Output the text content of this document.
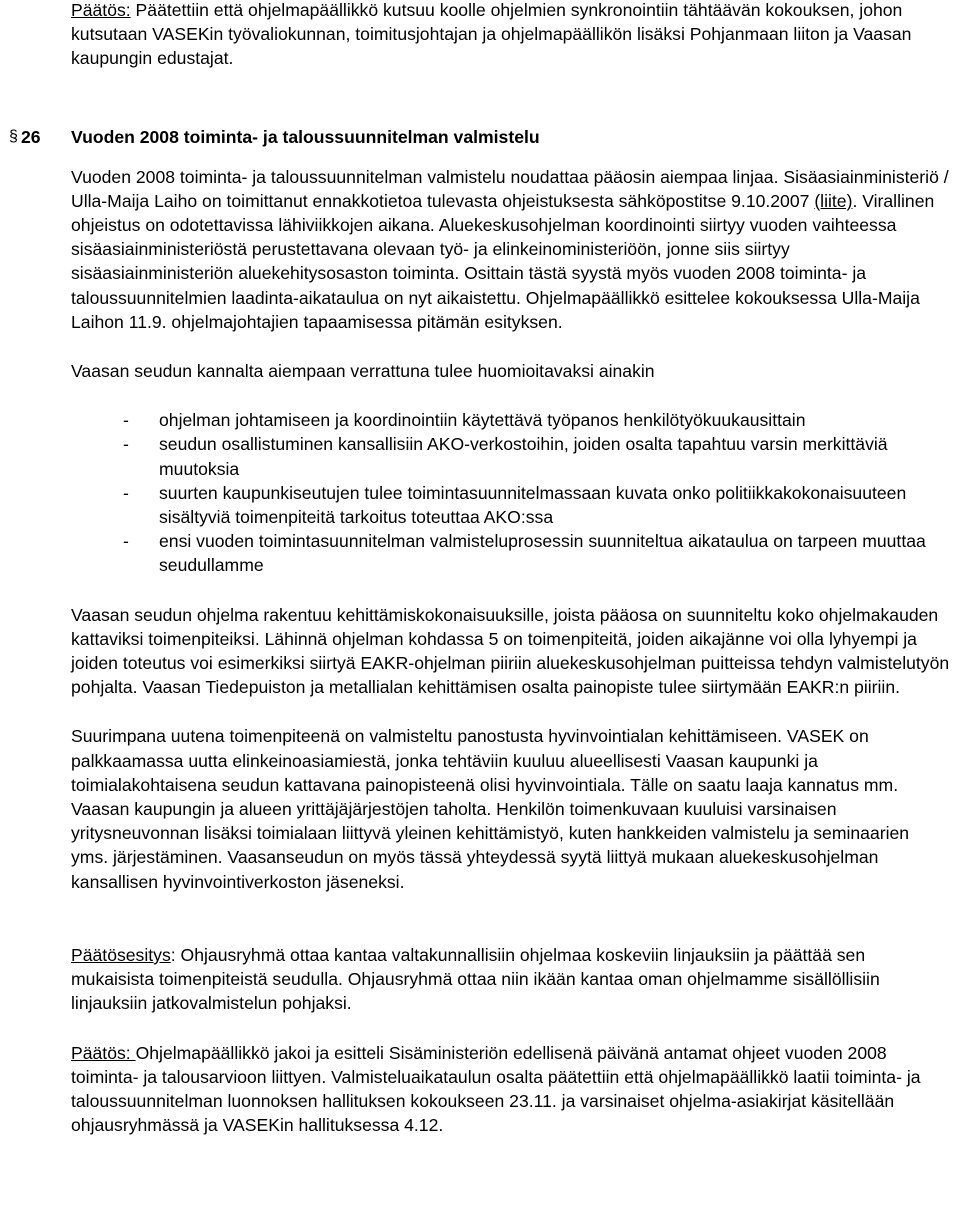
Päätös: Päätettiin että ohjelmapäällikkö kutsuu koolle ohjelmien synkronointiin tähtäävän kokouksen, johon kutsutaan VASEKin työvaliokunnan, toimitusjohtajan ja ohjelmapäällikön lisäksi Pohjanmaan liiton ja Vaasan kaupungin edustajat.

§ 26 Vuoden 2008 toiminta- ja taloussuunnitelman valmistelu

Vuoden 2008 toiminta- ja taloussuunnitelman valmistelu noudattaa pääosin aiempaa linjaa. Sisäasiainministeriö / Ulla-Maija Laiho on toimittanut ennakkotietoa tulevasta ohjeistuksesta sähköpostitse 9.10.2007 (liite). Virallinen ohjeistus on odotettavissa lähiviikkojen aikana. Aluekeskusohjelman koordinointi siirtyy vuoden vaihteessa sisäasiainministeriöstä perustettavana olevaan työ- ja elinkeinoministeriöön, jonne siis siirtyy sisäasiainministeriön aluekehitysosaston toiminta. Osittain tästä syystä myös vuoden 2008 toiminta- ja taloussuunnitelmien laadinta-aikataulua on nyt aikaistettu. Ohjelmapäällikkö esittelee kokouksessa Ulla-Maija Laihon 11.9. ohjelmajohtajien tapaamisessa pitämän esityksen.

Vaasan seudun kannalta aiempaan verrattuna tulee huomioitavaksi ainakin

- ohjelman johtamiseen ja koordinointiin käytettävä työpanos henkilötyökuukausittain
- seudun osallistuminen kansallisiin AKO-verkostoihin, joiden osalta tapahtuu varsin merkittäviä muutoksia
- suurten kaupunkiseutujen tulee toimintasuunnitelmassaan kuvata onko politiikkakokonaisuuteen sisältyviä toimenpiteitä tarkoitus toteuttaa AKO:ssa
- ensi vuoden toimintasuunnitelman valmisteluprosessin suunniteltua aikataulua on tarpeen muuttaa seudullamme

Vaasan seudun ohjelma rakentuu kehittämiskokonaisuuksille, joista pääosa on suunniteltu koko ohjelmakauden kattaviksi toimenpiteiksi. Lähinnä ohjelman kohdassa 5 on toimenpiteitä, joiden aikajänne voi olla lyhyempi ja joiden toteutus voi esimerkiksi siirtyä EAKR-ohjelman piiriin aluekeskusohjelman puitteissa tehdyn valmistelutyön pohjalta. Vaasan Tiedepuiston ja metallialan kehittämisen osalta painopiste tulee siirtymään EAKR:n piiriin.

Suurimpana uutena toimenpiteenä on valmisteltu panostusta hyvinvointialan kehittämiseen. VASEK on palkkaamassa uutta elinkeinoasiamiestä, jonka tehtäviin kuuluu alueellisesti Vaasan kaupunki ja toimialakohtaisena seudun kattavana painopisteenä olisi hyvinvointiala. Tälle on saatu laaja kannatus mm. Vaasan kaupungin ja alueen yrittäjäjärjestöjen taholta. Henkilön toimenkuvaan kuuluisi varsinaisen yritysneuvonnan lisäksi toimialaan liittyvä yleinen kehittämistyö, kuten hankkeiden valmistelu ja seminaarien yms. järjestäminen. Vaasanseudun on myös tässä yhteydessä syytä liittyä mukaan aluekeskusohjelman kansallisen hyvinvointiverkoston jäseneksi.

Päätösesitys: Ohjausryhmä ottaa kantaa valtakunnallisiin ohjelmaa koskeviin linjauksiin ja päättää sen mukaisista toimenpiteistä seudulla. Ohjausryhmä ottaa niin ikään kantaa oman ohjelmamme sisällöllisiin linjauksiin jatkovalmistelun pohjaksi.

Päätös: Ohjelmapäällikkö jakoi ja esitteli Sisäministeriön edellisenä päivänä antamat ohjeet vuoden 2008 toiminta- ja talousarvioon liittyen. Valmisteluaikataulun osalta päätettiin että ohjelmapäällikkö laatii toiminta- ja taloussuunnitelman luonnoksen hallituksen kokoukseen 23.11. ja varsinaiset ohjelma-asiakirjat käsitellään ohjausryhmässä ja VASEKin hallituksessa 4.12.
